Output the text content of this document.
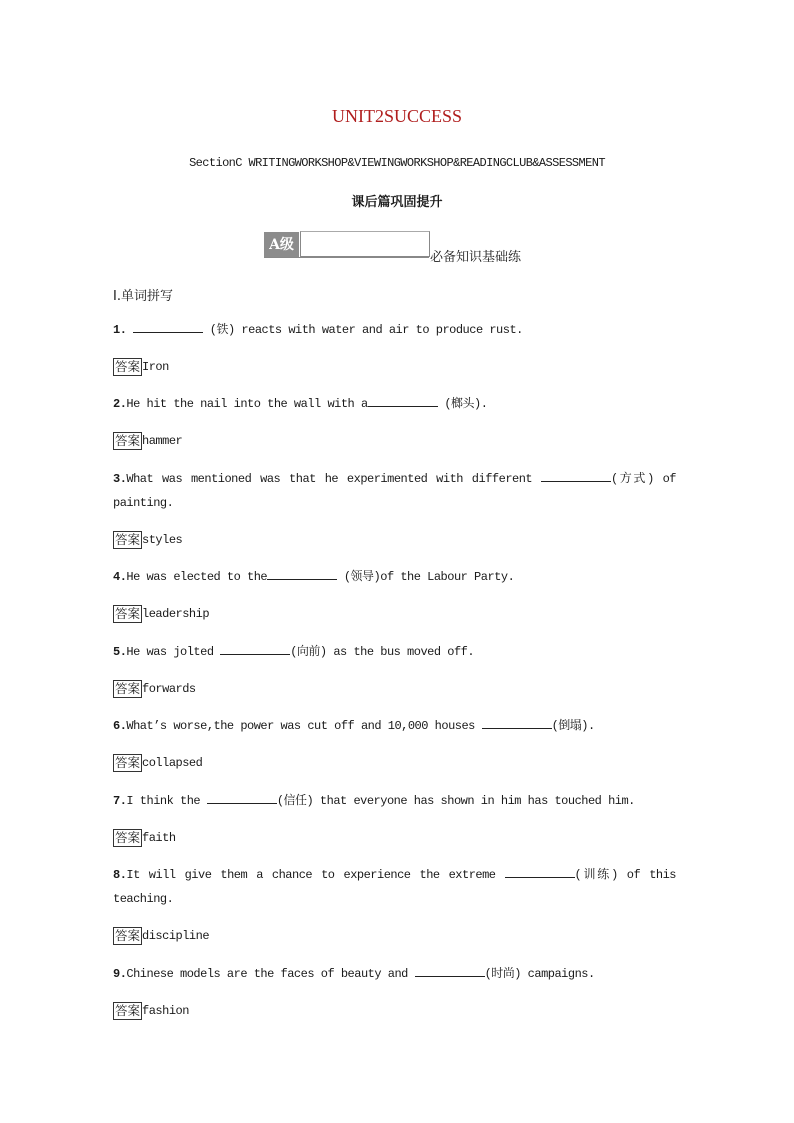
UNIT2SUCCESS
SectionC WRITINGWORKSHOP&VIEWINGWORKSHOP&READINGCLUB&ASSESSMENT
课后篇巩固提升
A级
必备知识基础练
Ⅰ.单词拼写
1.	(铁) reacts with water and air to produce rust.
答案 Iron
2.He hit the nail into the wall with a	(榔头).
答案 hammer
3.What was mentioned was that he experimented with different	(方式) of painting.
答案 styles
4.He was elected to the	(领导)of the Labour Party.
答案 leadership
5.He was jolted	(向前) as the bus moved off.
答案 forwards
6.What’s worse,the power was cut off and 10,000 houses	(倒塌).
答案 collapsed
7.I think the	(信任) that everyone has shown in him has touched him.
答案 faith
8.It will give them a chance to experience the extreme	(训练) of this teaching.
答案 discipline
9.Chinese models are the faces of beauty and	(时尚) campaigns.
答案 fashion
